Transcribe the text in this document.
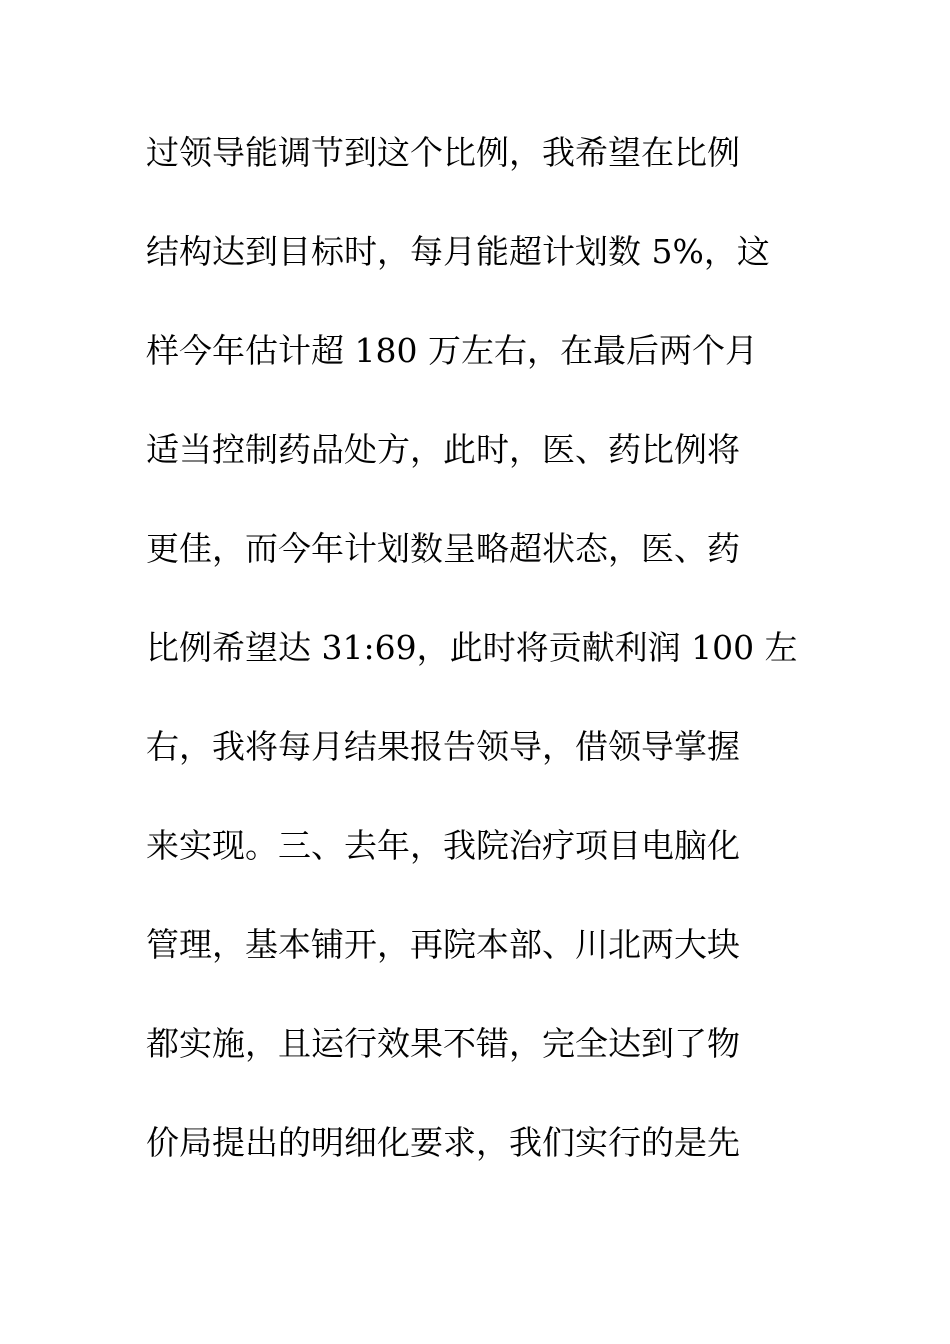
过领导能调节到这个比例，我希望在比例
结构达到目标时，每月能超计划数 5%，这
样今年估计超 180 万左右，在最后两个月
适当控制药品处方，此时，医、药比例将
更佳，而今年计划数呈略超状态，医、药
比例希望达 31:69，此时将贡献利润 100 左
右，我将每月结果报告领导，借领导掌握
来实现。三、去年，我院治疗项目电脑化
管理，基本铺开，再院本部、川北两大块
都实施，且运行效果不错，完全达到了物
价局提出的明细化要求，我们实行的是先
